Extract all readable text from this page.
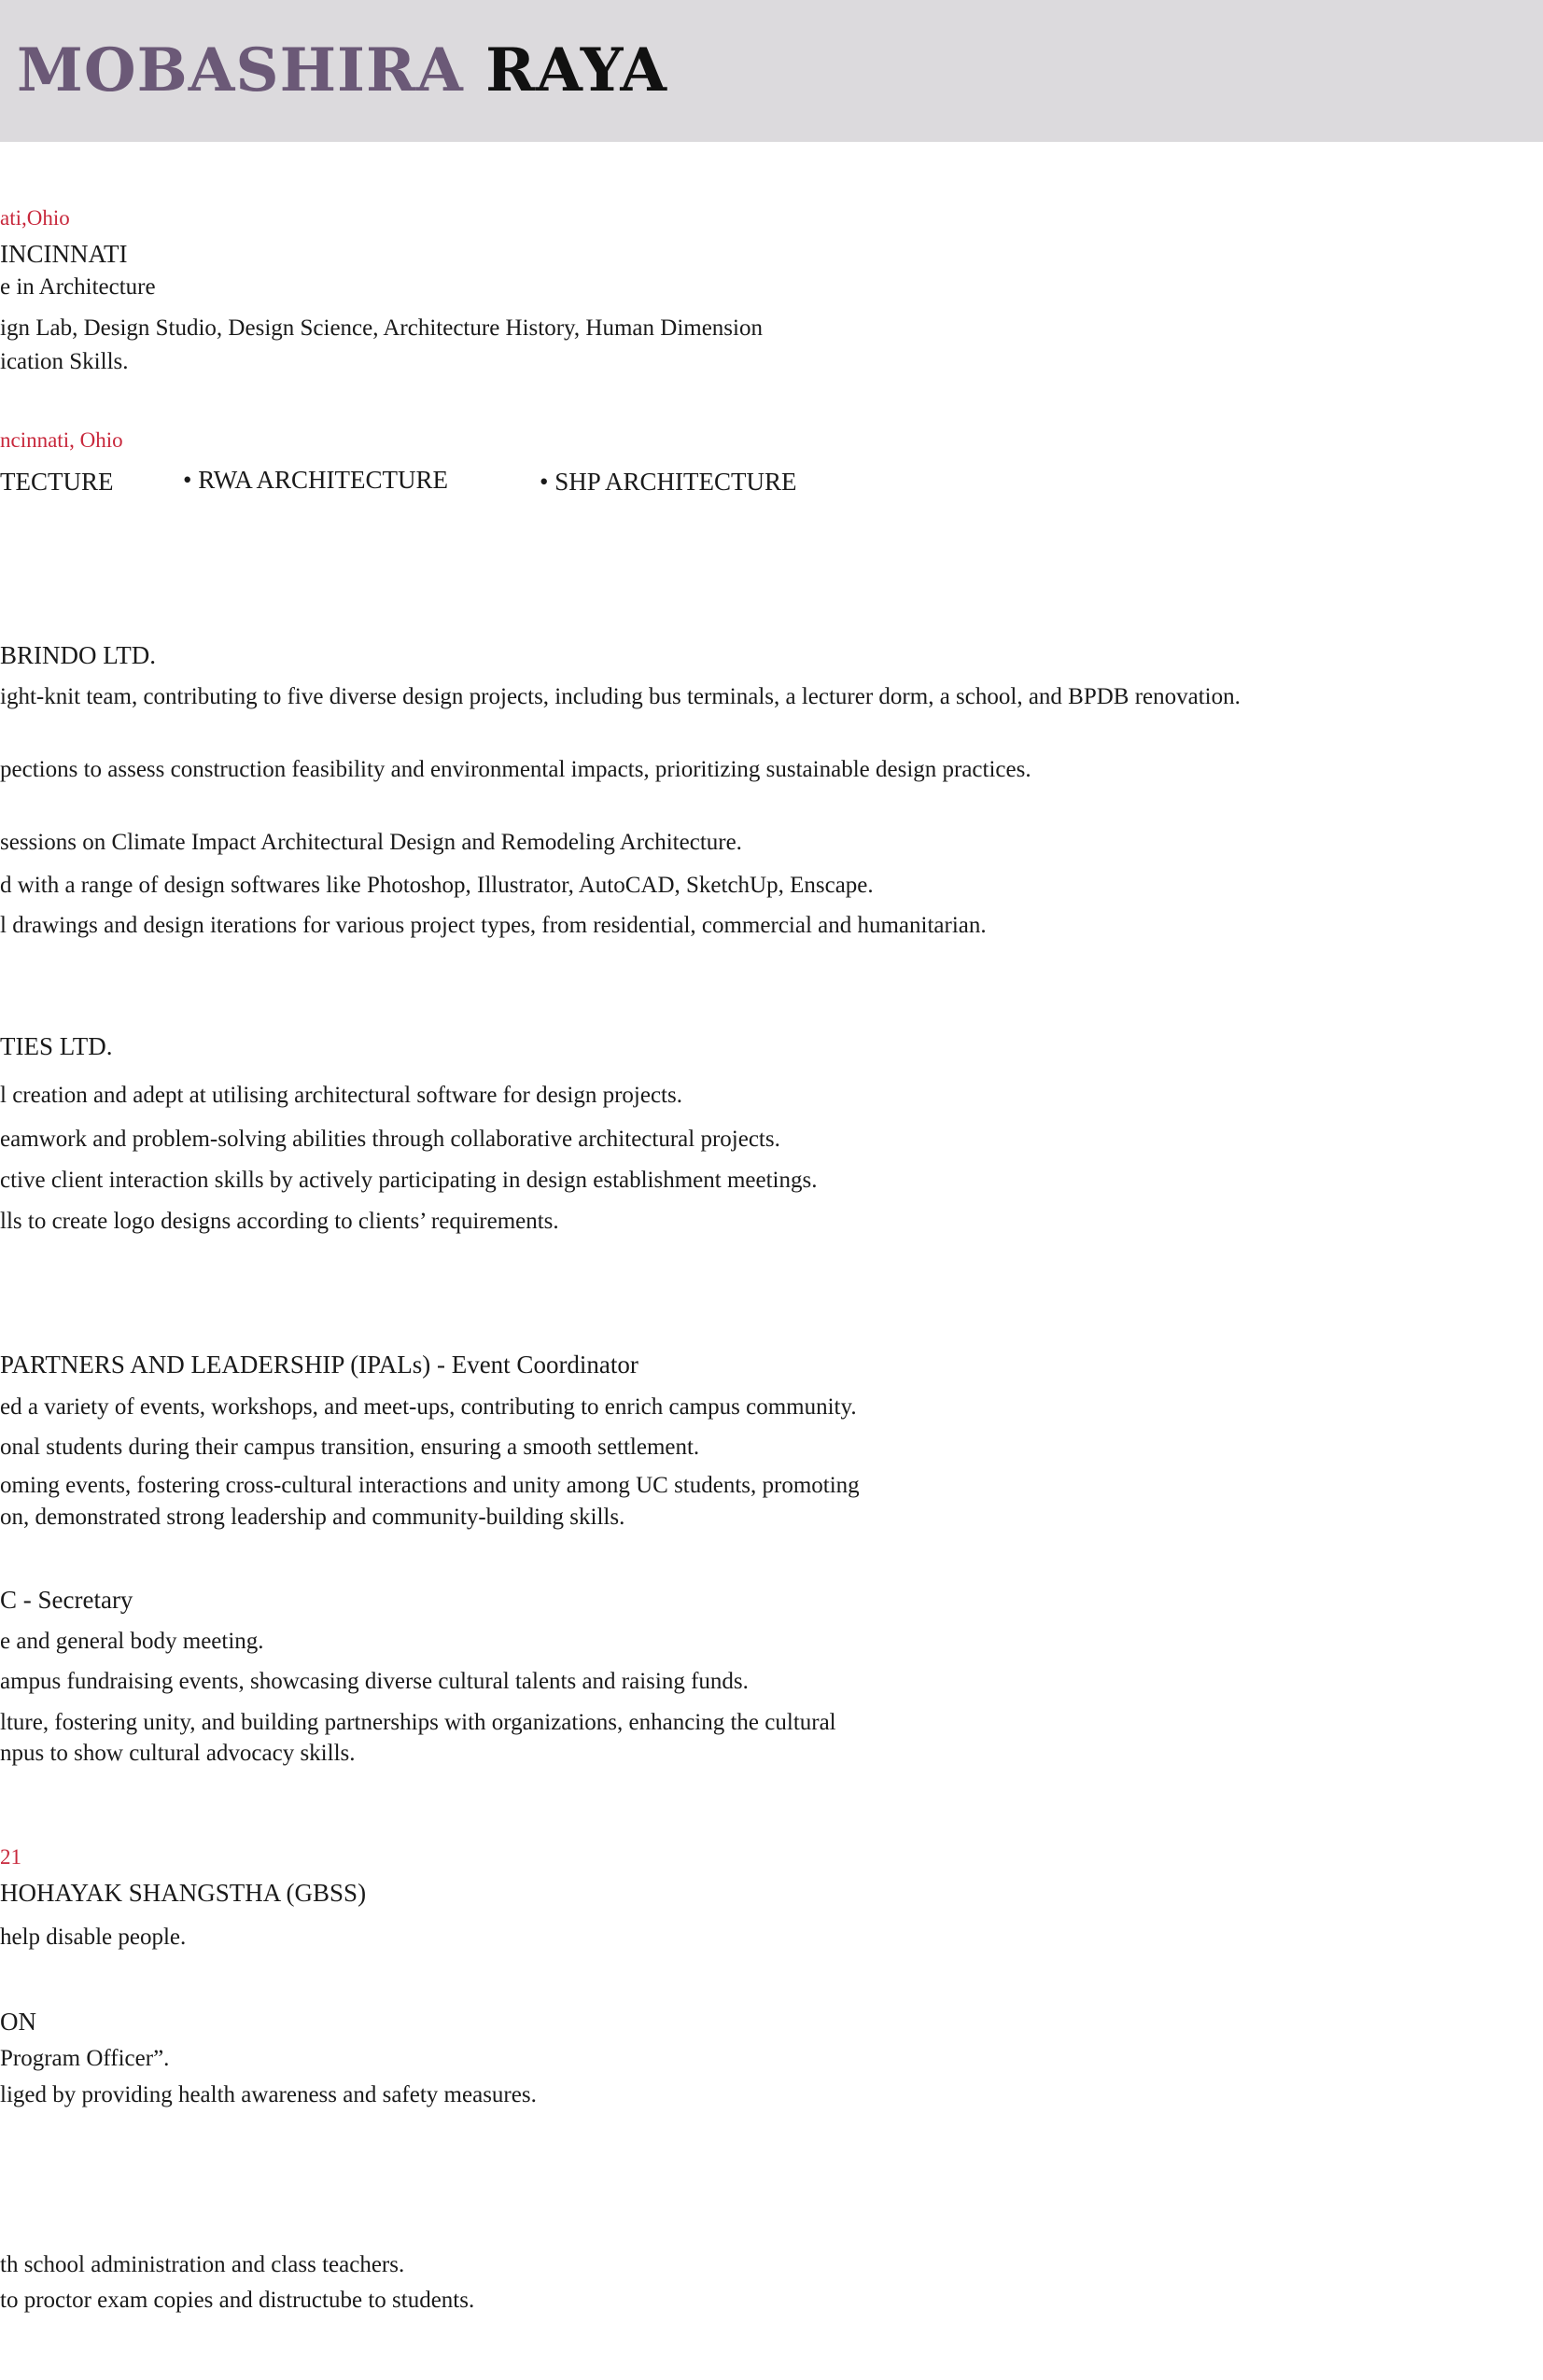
MOBASHIRA RAYA
ati,Ohio
INCINNATI
e in Architecture
ign Lab, Design Studio, Design Science, Architecture History, Human Dimension
ication Skills.
ncinnati, Ohio
TECTURE	• RWA ARCHITECTURE	• SHP ARCHITECTURE
BRINDO LTD.
ight-knit team, contributing to five diverse design projects, including bus terminals, a lecturer dorm, a school, and BPDB renovation.
pections to assess construction feasibility and environmental impacts, prioritizing sustainable design practices.
sessions on Climate Impact Architectural Design and Remodeling Architecture.
d with a range of design softwares like Photoshop, Illustrator, AutoCAD, SketchUp, Enscape.
l drawings and design iterations for various project types, from residential, commercial and humanitarian.
TIES LTD.
l creation and adept at utilising architectural software for design projects.
eamwork and problem-solving abilities through collaborative architectural projects.
ctive client interaction skills by actively participating in design establishment meetings.
lls to create logo designs according to clients’ requirements.
PARTNERS AND LEADERSHIP (IPALs) - Event Coordinator
ed a variety of events, workshops, and meet-ups, contributing to enrich campus community.
onal students during their campus transition, ensuring a smooth settlement.
oming events, fostering cross-cultural interactions and unity among UC students, promoting
on, demonstrated strong leadership and community-building skills.
C - Secretary
e and general body meeting.
ampus fundraising events, showcasing diverse cultural talents and raising funds.
lture, fostering unity, and building partnerships with organizations, enhancing the cultural
npus to show cultural advocacy skills.
21
HOHAYAK SHANGSTHA (GBSS)
help disable people.
ON
Program Officer”.
liged by providing health awareness and safety measures.
th school administration and class teachers.
to proctor exam copies and distructube to students.
